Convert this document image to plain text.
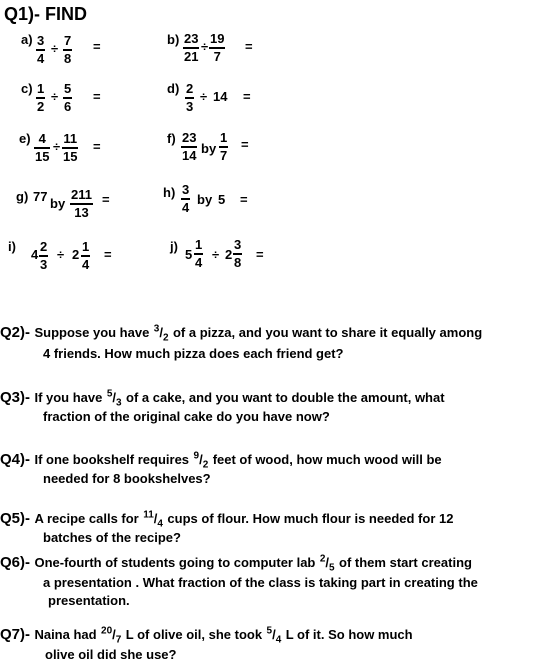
Q1)- FIND
a) 3
4
÷
7
8
=	b) 23
21
÷
19
7
=
c) 1
2
÷
5
6
=
d) 2
3
÷ 14 =
e) 4
15
÷
11
15
=
f) 23
14 by
1
7
=
g) 77 by
211
13
=	h) 3
4
by 5 =
i)
4
2
3
÷ 2
1
4
=
j)
5
1
4
÷ 2
3
8
=
Q2)- Suppose you have $^3/_2$ of a pizza, and you want to share it equally among
4 friends. How much pizza does each friend get?
Q3)- If you have $^5/_3$ of a cake, and you want to double the amount, what
fraction of the original cake do you have now?
Q4)- If one bookshelf requires $^9/_2$ feet of wood, how much wood will be
needed for 8 bookshelves?
Q5)- A recipe calls for $^{11}/_4$ cups of flour. How much flour is needed for 12
batches of the recipe?
Q6)- One-fourth of students going to computer lab $^2/_5$ of them start creating
a presentation . What fraction of the class is taking part in creating the
presentation.
Q7)- Naina had $^{20}/_7$ L of olive oil, she took $^5/_4$ L of it. So how much
olive oil did she use?
